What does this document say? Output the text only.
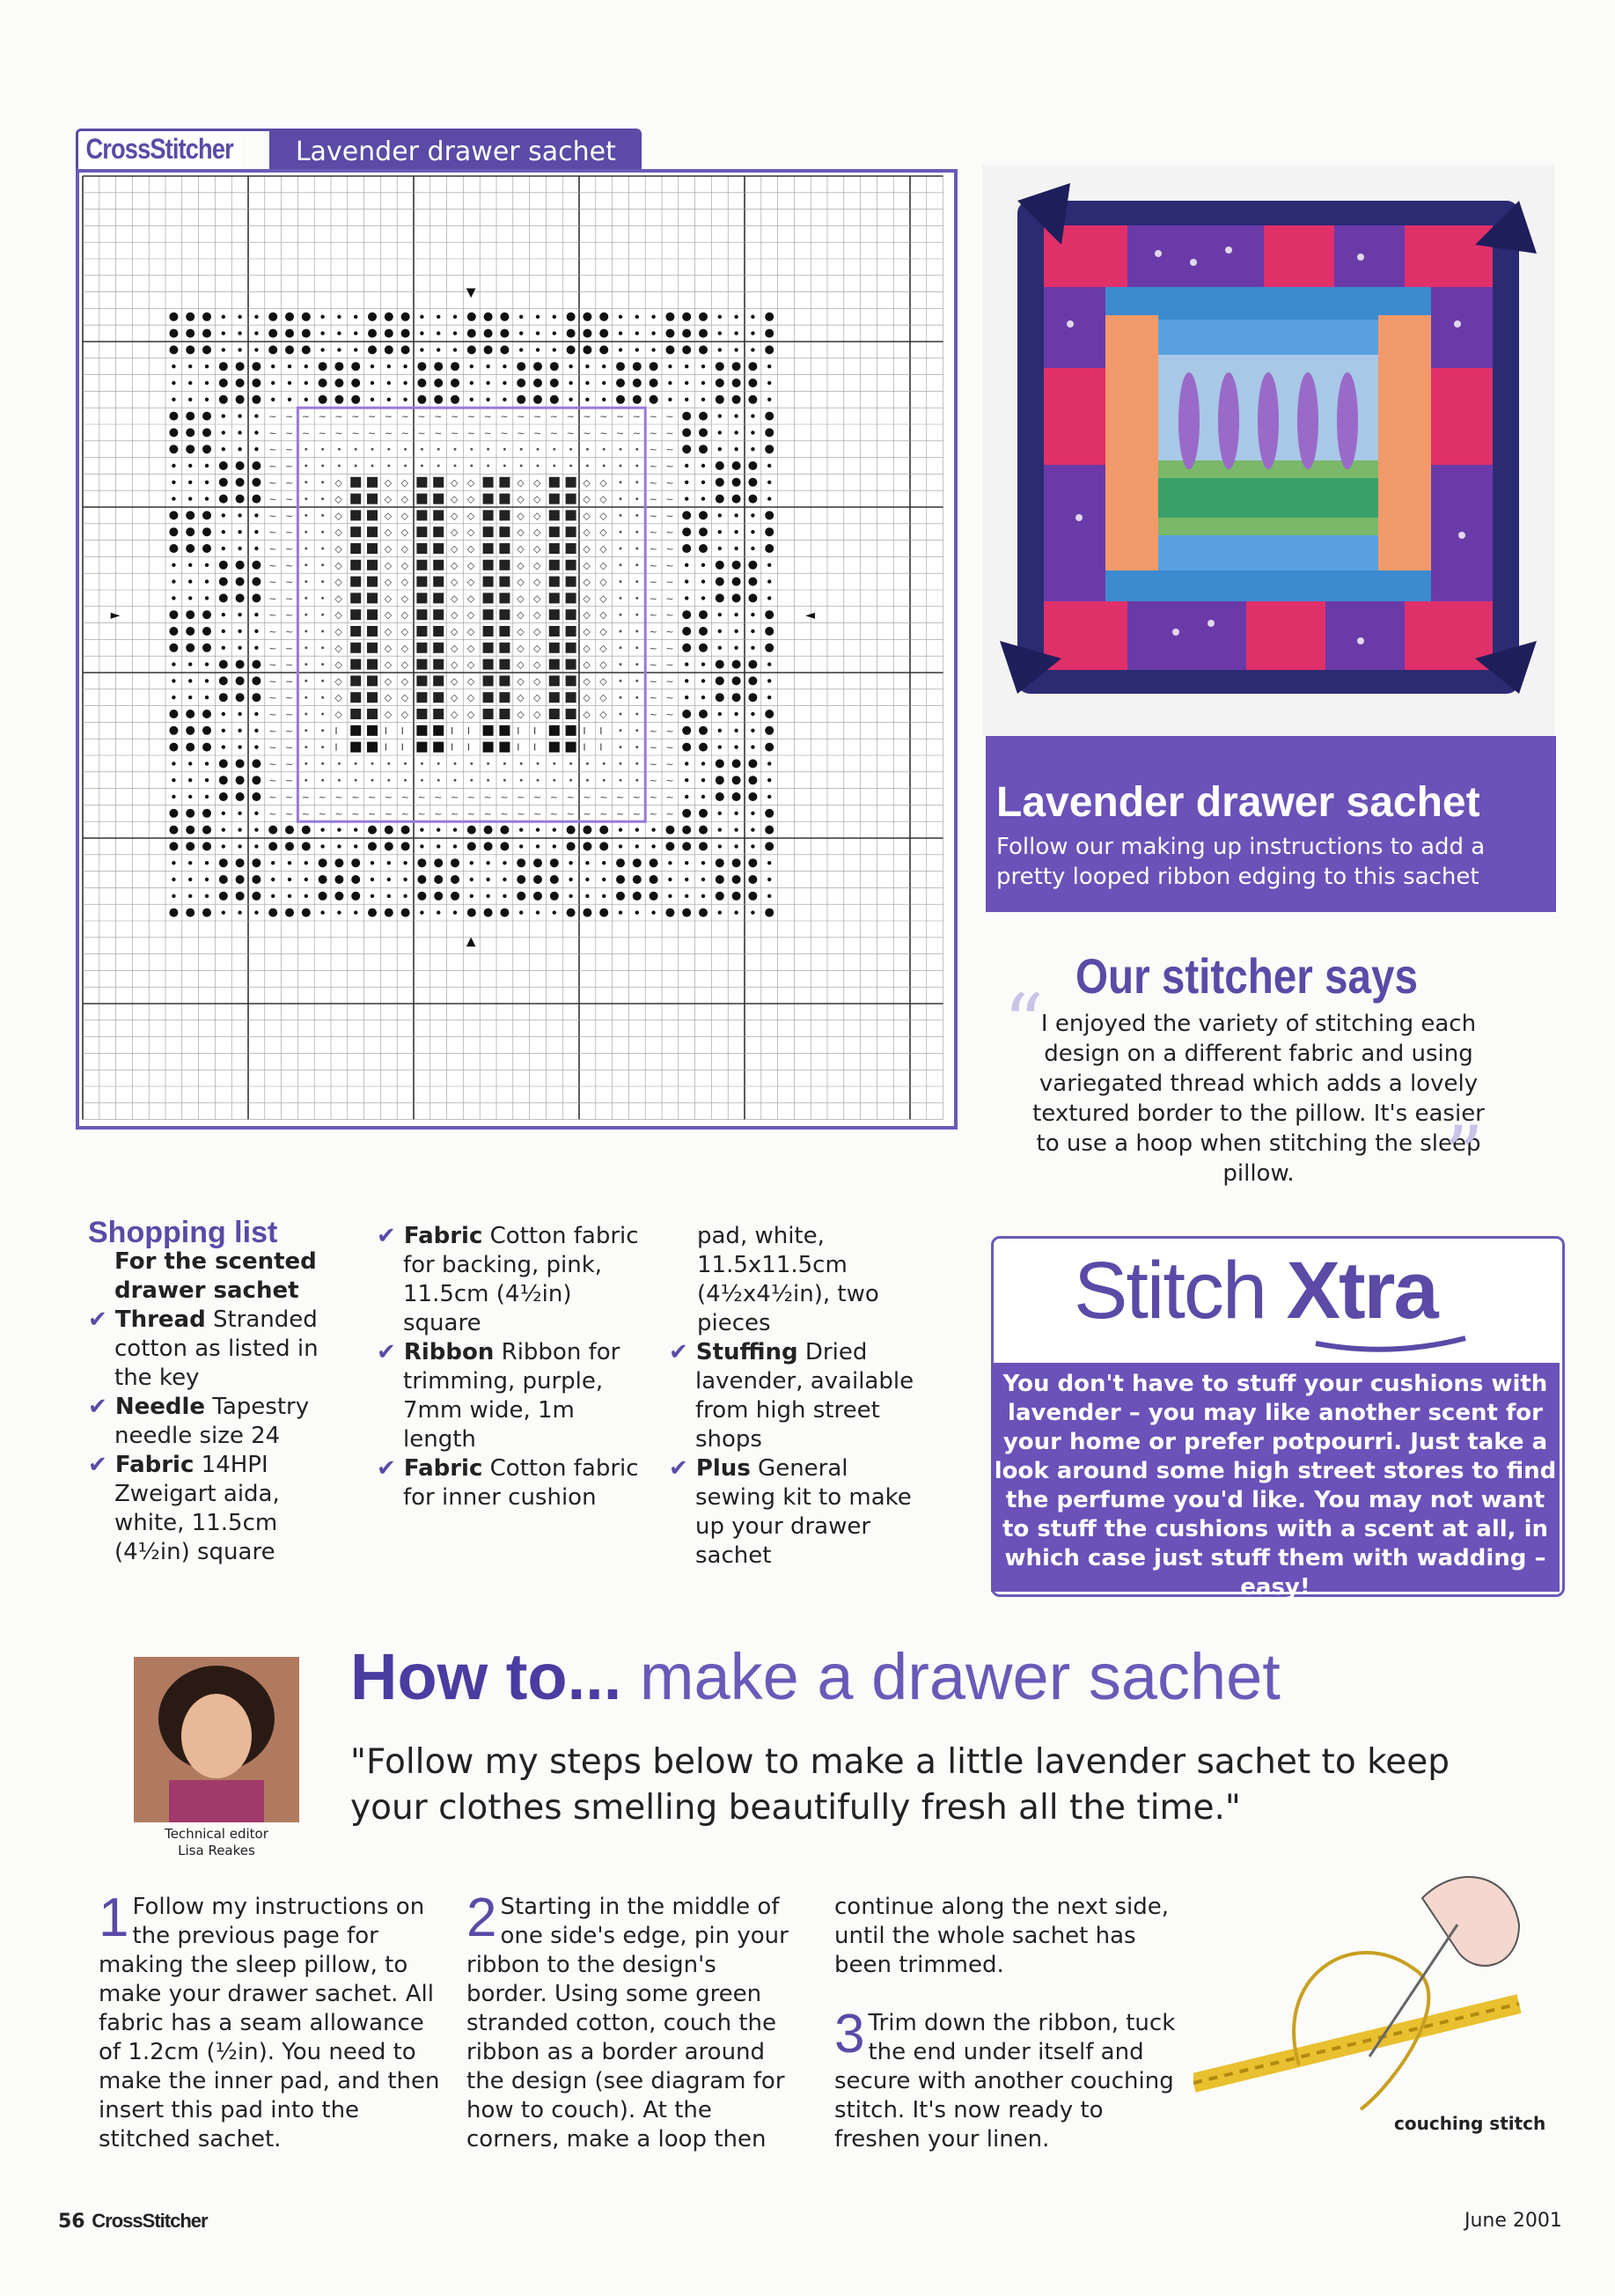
CrossStitcher	Lavender drawer sachet
~ ~ ~ ~ ~ ~ ~ ~ ~ ~ ~ ~ ~ ~ ~ ~ ~ ~ ~ ~ ~ ~ ~ ~ ~
~ ~ ~ ~ ~ ~ ~ ~ ~ ~ ~ ~ ~ ~ ~ ~ ~ ~ ~ ~ ~ ~ ~ ~ ~
~ ~	~ ~
~ ~	~ ~
~ ~	◇	◇ ◇	◇ ◇	◇ ◇	◇ ◇	~ ~
~ ~	◇	◇ ◇	◇ ◇	◇ ◇	◇ ◇	~ ~
~ ~	◇	◇ ◇	◇ ◇	◇ ◇	◇ ◇	~ ~
~ ~	◇	◇ ◇	◇ ◇	◇ ◇	◇ ◇	~ ~
~ ~	◇	◇ ◇	◇ ◇	◇ ◇	◇ ◇	~ ~
~ ~	◇	◇ ◇	◇ ◇	◇ ◇	◇ ◇	~ ~
~ ~	◇	◇ ◇	◇ ◇	◇ ◇	◇ ◇	~ ~
~ ~	◇	◇ ◇	◇ ◇	◇ ◇	◇ ◇	~ ~
~ ~	◇	◇ ◇	◇ ◇	◇ ◇	◇ ◇	~ ~
~ ~	◇	◇ ◇	◇ ◇	◇ ◇	◇ ◇	~ ~
~ ~	◇	◇ ◇	◇ ◇	◇ ◇	◇ ◇	~ ~
~ ~	◇	◇ ◇	◇ ◇	◇ ◇	◇ ◇	~ ~
~ ~	◇	◇ ◇	◇ ◇	◇ ◇	◇ ◇	~ ~
~ ~	◇	◇ ◇	◇ ◇	◇ ◇	◇ ◇	~ ~
~ ~	◇	◇ ◇	◇ ◇	◇ ◇	◇ ◇	~ ~
~ ~	I	I I	I I	I I	I I	~ ~
~ ~	I	I I	I I	I I	I I	~ ~
~ ~	~ ~
~ ~	~ ~
~ ~ ~ ~ ~ ~ ~ ~ ~ ~ ~ ~ ~ ~ ~ ~ ~ ~ ~ ~ ~ ~ ~ ~ ~
~ ~ ~ ~ ~ ~ ~ ~ ~ ~ ~ ~ ~ ~ ~ ~ ~ ~ ~ ~ ~ ~ ~ ~ ~
▼
▲
►	◄
Lavender drawer sachet

Follow our making up instructions to add a pretty looped ribbon edging to this sachet

Our stitcher says
“
I enjoyed the variety of stitching each design on a different fabric and using variegated thread which adds a lovely textured border to the pillow. It's easier to use a hoop when stitching the sleep pillow.	”
Shopping list
For the scented drawer sachet
✔ Thread Stranded cotton as listed in the key
✔ Needle Tapestry needle size 24
✔ Fabric 14HPI Zweigart aida, white, 11.5cm (4½in) square
✔ Fabric Cotton fabric for backing, pink, 11.5cm (4½in) square
✔ Ribbon Ribbon for trimming, purple, 7mm wide, 1m length
✔ Fabric Cotton fabric for inner cushion
pad, white, 11.5x11.5cm (4½x4½in), two pieces
✔ Stuffing Dried lavender, available from high street shops
✔ Plus General sewing kit to make up your drawer sachet
Stitch Xtra
You don't have to stuff your cushions with lavender – you may like another scent for your home or prefer potpourri. Just take a look around some high street stores to find the perfume you'd like. You may not want to stuff the cushions with a scent at all, in which case just stuff them with wadding – easy!
Technical editor
Lisa Reakes
How to... make a drawer sachet
"Follow my steps below to make a little lavender sachet to keep your clothes smelling beautifully fresh all the time."
1 Follow my instructions on the previous page for making the sleep pillow, to make your drawer sachet. All fabric has a seam allowance of 1.2cm (½in). You need to make the inner pad, and then insert this pad into the stitched sachet.
2 Starting in the middle of one side's edge, pin your ribbon to the design's border. Using some green stranded cotton, couch the ribbon as a border around the design (see diagram for how to couch). At the corners, make a loop then
continue along the next side, until the whole sachet has been trimmed.
3 Trim down the ribbon, tuck the end under itself and secure with another couching stitch. It's now ready to freshen your linen.
couching stitch
56 CrossStitcher	June 2001
